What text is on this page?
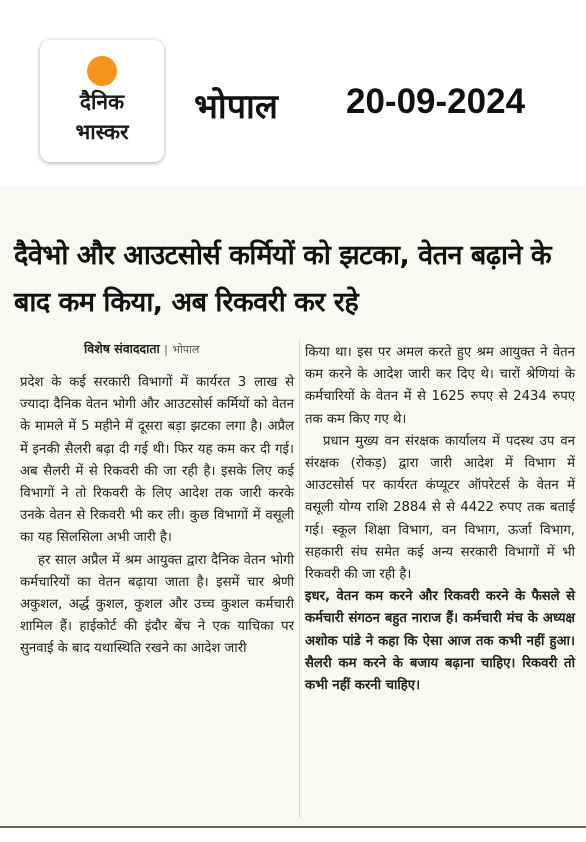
दैनिक
भास्कर
भोपाल 20-09-2024
दैवेभो और आउटसोर्स कर्मियों को झटका, वेतन बढ़ाने के बाद कम किया, अब रिकवरी कर रहे
विशेष संवाददाता | भोपाल

प्रदेश के कई सरकारी विभागों में कार्यरत 3 लाख से ज्यादा दैनिक वेतन भोगी और आउटसोर्स कर्मियों को वेतन के मामले में 5 महीने में दूसरा बड़ा झटका लगा है। अप्रैल में इनकी सैलरी बढ़ा दी गई थी। फिर यह कम कर दी गई। अब सैलरी में से रिकवरी की जा रही है। इसके लिए कई विभागों ने तो रिकवरी के लिए आदेश तक जारी करके उनके वेतन से रिकवरी भी कर ली। कुछ विभागों में वसूली का यह सिलसिला अभी जारी है।

हर साल अप्रैल में श्रम आयुक्त द्वारा दैनिक वेतन भोगी कर्मचारियों का वेतन बढ़ाया जाता है। इसमें चार श्रेणी अकुशल, अर्द्ध कुशल, कुशल और उच्च कुशल कर्मचारी शामिल हैं। हाईकोर्ट की इंदौर बेंच ने एक याचिका पर सुनवाई के बाद यथास्थिति रखने का आदेश जारी

किया था। इस पर अमल करते हुए श्रम आयुक्त ने वेतन कम करने के आदेश जारी कर दिए थे। चारों श्रेणियां के कर्मचारियों के वेतन में से 1625 रुपए से 2434 रुपए तक कम किए गए थे।

प्रधान मुख्य वन संरक्षक कार्यालय में पदस्थ उप वन संरक्षक (रोकड़) द्वारा जारी आदेश में विभाग में आउटसोर्स पर कार्यरत कंप्यूटर ऑपरेटर्स के वेतन में वसूली योग्य राशि 2884 से से 4422 रुपए तक बताई गई। स्कूल शिक्षा विभाग, वन विभाग, ऊर्जा विभाग, सहकारी संघ समेत कई अन्य सरकारी विभागों में भी रिकवरी की जा रही है।

इधर, वेतन कम करने और रिकवरी करने के फैसले से कर्मचारी संगठन बहुत नाराज हैं। कर्मचारी मंच के अध्यक्ष अशोक पांडे ने कहा कि ऐसा आज तक कभी नहीं हुआ। सैलरी कम करने के बजाय बढ़ाना चाहिए। रिकवरी तो कभी नहीं करनी चाहिए।
